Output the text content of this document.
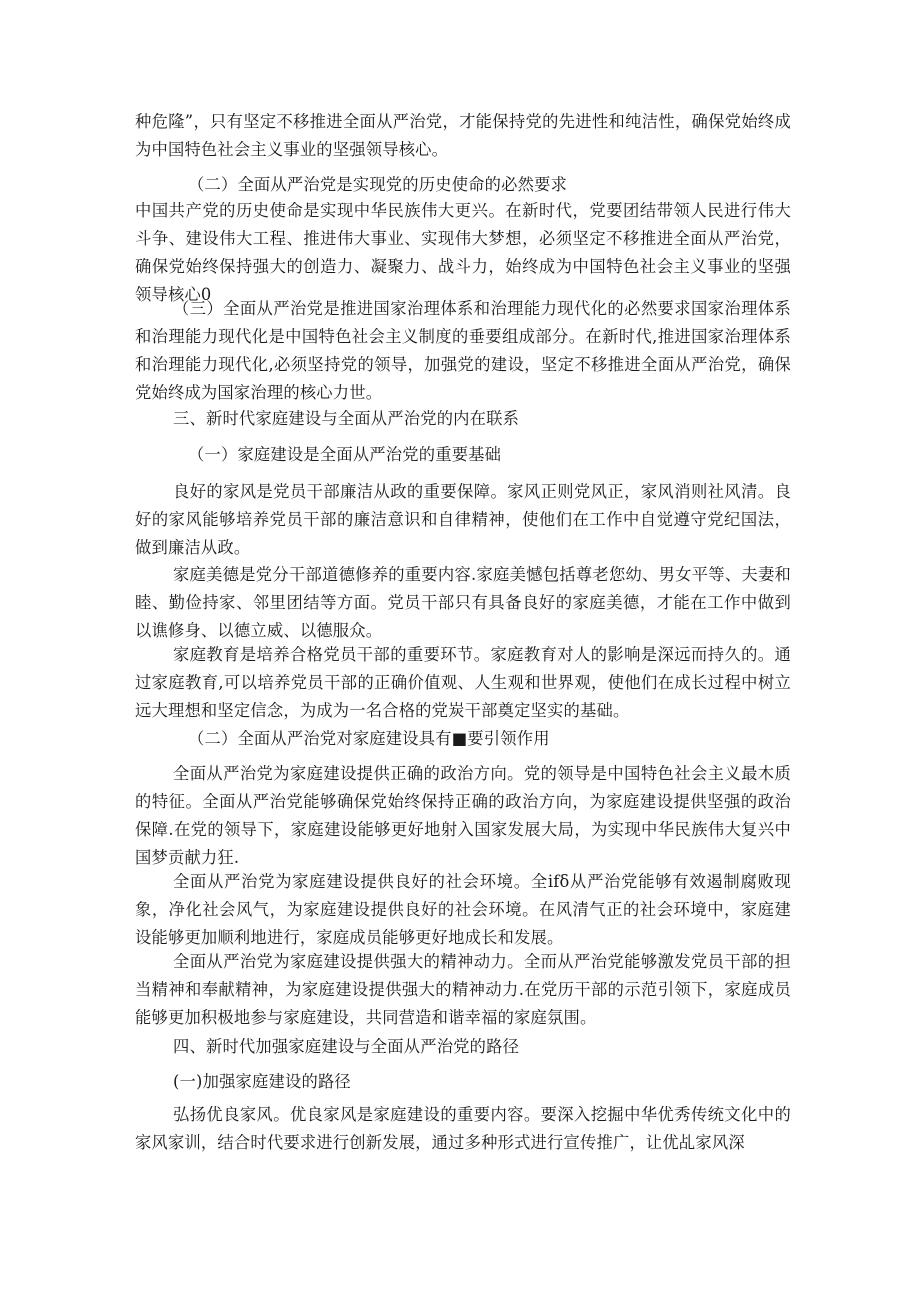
种危隆”，只有坚定不移推进全面从严治党，才能保持党的先进性和纯洁性，确保党始终成为中国特色社会主义事业的坚强领导核心。

（二）全面从严治党是实现党的历史使命的必然要求

中国共产党的历史使命是实现中华民族伟大更兴。在新时代，党要团结带领人民进行伟大斗争、建设伟大工程、推进伟大事业、实现伟大梦想，必须坚定不移推进全面从严治党，确保党始终保持强大的创造力、凝聚力、战斗力，始终成为中国特色社会主义事业的坚强领导核心0

（三）全面从严治党是推进国家治理体系和治理能力现代化的必然要求国家治理体系和治理能力现代化是中国特色社会主义制度的垂要组成部分。在新时代,推进国家治理体系和治理能力现代化,必须坚持党的领导，加强党的建设，坚定不移推进全面从严治党，确保党始终成为国家治理的核心力世。

三、新时代家庭建设与全面从严治党的内在联系

（一）家庭建设是全面从严治党的重要基础

良好的家风是党员干部廉洁从政的重要保障。家风正则党风正，家风消则社风清。良好的家风能够培养党员干部的廉洁意识和自律精神，使他们在工作中自觉遵守党纪国法，做到廉洁从政。

家庭美德是党分干部道德修养的重要内容.家庭美憾包括尊老您幼、男女平等、夫妻和睦、勤俭持家、邻里团结等方面。党员干部只有具备良好的家庭美德，才能在工作中做到以谯修身、以德立威、以德服众。

家庭教育是培养合格党员干部的重要环节。家庭教育对人的影响是深远而持久的。通过家庭教育,可以培养党员干部的正确价值观、人生观和世界观，使他们在成长过程中树立远大理想和坚定信念，为成为一名合格的党炭干部奠定坚实的基础。

（二）全面从严治党对家庭建设具有■要引领作用

全面从严治党为家庭建设提供正确的政治方向。党的领导是中国特色社会主义最木质的特征。全面从严治党能够确保党始终保持正确的政治方向，为家庭建设提供坚强的政治保障.在党的领导下，家庭建设能够更好地射入国家发展大局，为实现中华民族伟大复兴中国梦贡献力狂.

全面从严治党为家庭建设提供良好的社会环境。全ifδ从严治党能够有效遏制腐败现象，净化社会风气，为家庭建设提供良好的社会环境。在风清气正的社会环境中，家庭建设能够更加顺利地进行，家庭成员能够更好地成长和发展。

全面从严治党为家庭建设提供强大的精神动力。全而从严治党能够激发党员干部的担当精神和奉献精神，为家庭建设提供强大的精神动力.在党历干部的示范引领下，家庭成员能够更加积极地参与家庭建设，共同营造和谐幸福的家庭氛围。

四、新时代加强家庭建设与全面从严治党的路径

(一)加强家庭建设的路径

弘扬优良家风。优良家风是家庭建设的重要内容。要深入挖掘中华优秀传统文化中的家风家训，结合时代要求进行创新发展，通过多种形式进行宣传推广，让优乩家风深
